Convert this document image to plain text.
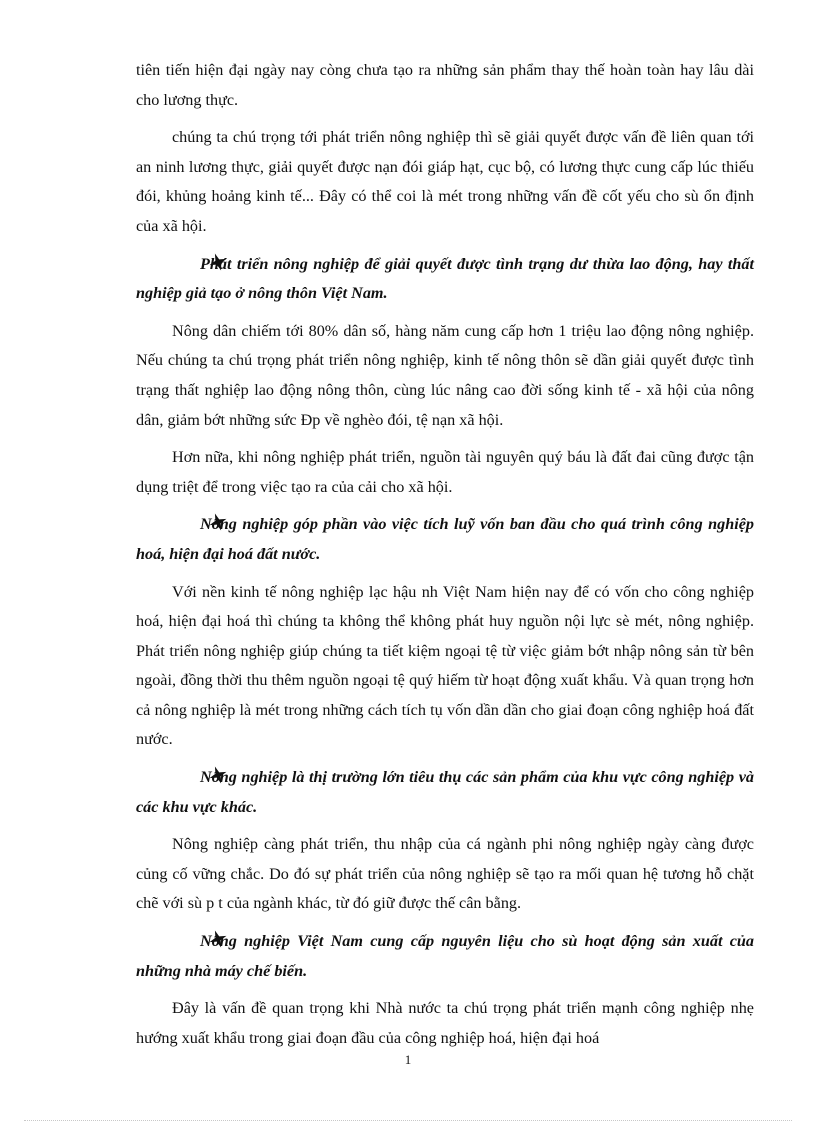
tiên tiến hiện đại ngày nay còng chưa tạo ra những sản phẩm thay thế hoàn toàn hay lâu dài cho lương thực.

chúng ta chú trọng tới phát triển nông nghiệp thì sẽ giải quyết được vấn đề liên quan tới an ninh lương thực, giải quyết được nạn đói giáp hạt, cục bộ, có lương thực cung cấp lúc thiếu đói, khủng hoảng kinh tế... Đây có thể coi là mét trong những vấn đề cốt yếu cho sù ổn định của xã hội.

Phát triển nông nghiệp để giải quyết được tình trạng dư thừa lao động, hay thất nghiệp giả tạo ở nông thôn Việt Nam.

Nông dân chiếm tới 80% dân số, hàng năm cung cấp hơn 1 triệu lao động nông nghiệp. Nếu chúng ta chú trọng phát triển nông nghiệp, kinh tế nông thôn sẽ dần giải quyết được tình trạng thất nghiệp lao động nông thôn, cùng lúc nâng cao đời sống kinh tế - xã hội của nông dân, giảm bớt những sức Ðp về nghèo đói, tệ nạn xã hội.

Hơn nữa, khi nông nghiệp phát triển, nguồn tài nguyên quý báu là đất đai cũng được tận dụng triệt để trong việc tạo ra của cải cho xã hội.

Nông nghiệp góp phần vào việc tích luỹ vốn ban đầu cho quá trình công nghiệp hoá, hiện đại hoá đất nước.

Với nền kinh tế nông nghiệp lạc hậu nh Việt Nam hiện nay để có vốn cho công nghiệp hoá, hiện đại hoá thì chúng ta không thể không phát huy nguồn nội lực sè mét, nông nghiệp. Phát triển nông nghiệp giúp chúng ta tiết kiệm ngoại tệ từ việc giảm bớt nhập nông sản từ bên ngoài, đồng thời thu thêm nguồn ngoại tệ quý hiếm từ hoạt động xuất khẩu. Và quan trọng hơn cả nông nghiệp là mét trong những cách tích tụ vốn dần dần cho giai đoạn công nghiệp hoá đất nước.

Nông nghiệp là thị trường lớn tiêu thụ các sản phẩm của khu vực công nghiệp và các khu vực khác.

Nông nghiệp càng phát triển, thu nhập của cá ngành phi nông nghiệp ngày càng được củng cố vững chắc. Do đó sự phát triển của nông nghiệp sẽ tạo ra mối quan hệ tương hỗ chặt chẽ với sù p t của ngành khác, từ đó giữ được thế cân bằng.

Nông nghiệp Việt Nam cung cấp nguyên liệu cho sù hoạt động sản xuất của những nhà máy chế biến.

Đây là vấn đề quan trọng khi Nhà nước ta chú trọng phát triển mạnh công nghiệp nhẹ hướng xuất khẩu trong giai đoạn đầu của công nghiệp hoá, hiện đại hoá

1
